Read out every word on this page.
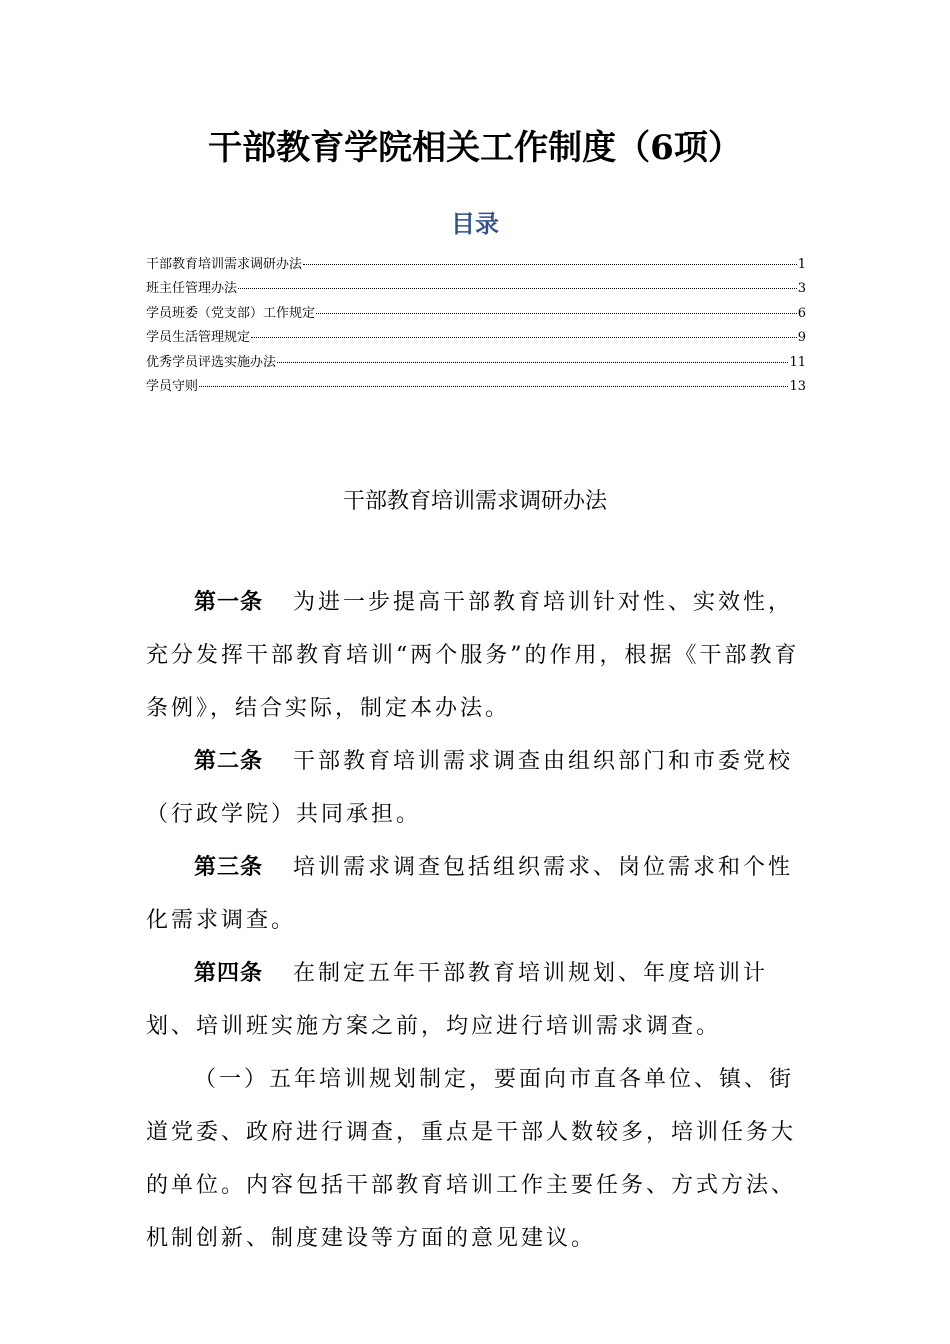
干部教育学院相关工作制度（6项）
目录
干部教育培训需求调研办法	1
班主任管理办法	3
学员班委（党支部）工作规定	6
学员生活管理规定	9
优秀学员评选实施办法	11
学员守则	13
干部教育培训需求调研办法

第一条 为进一步提高干部教育培训针对性、实效性，充分发挥干部教育培训“两个服务”的作用，根据《干部教育条例》，结合实际，制定本办法。

第二条 干部教育培训需求调查由组织部门和市委党校（行政学院）共同承担。

第三条 培训需求调查包括组织需求、岗位需求和个性化需求调查。

第四条 在制定五年干部教育培训规划、年度培训计划、培训班实施方案之前，均应进行培训需求调查。

（一）五年培训规划制定，要面向市直各单位、镇、街道党委、政府进行调查，重点是干部人数较多，培训任务大的单位。内容包括干部教育培训工作主要任务、方式方法、机制创新、制度建设等方面的意见建议。
